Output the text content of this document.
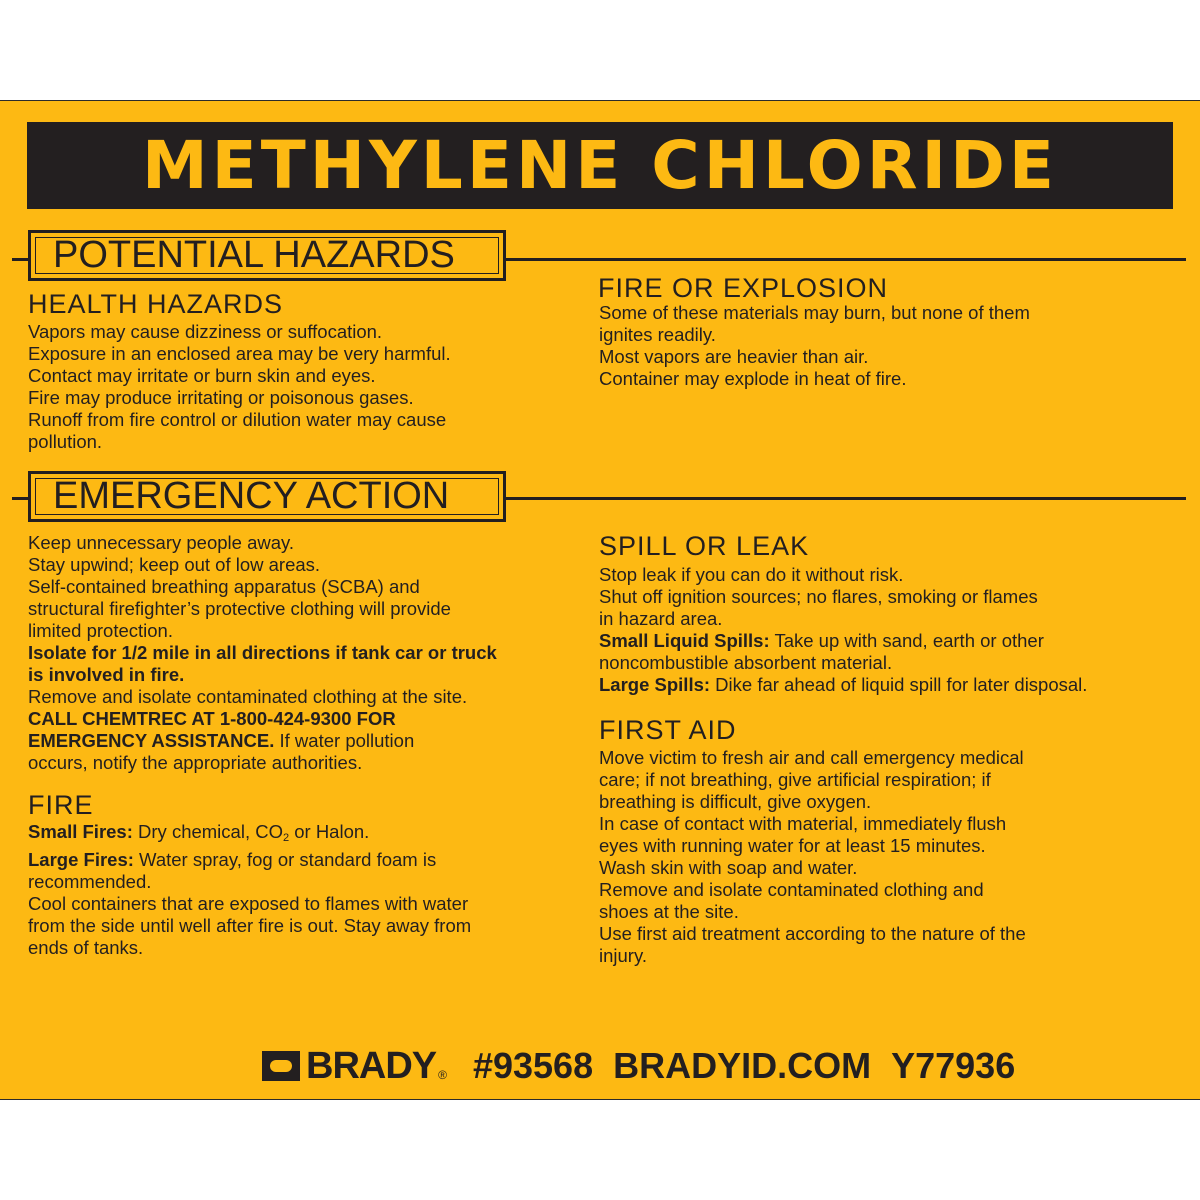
METHYLENE CHLORIDE
POTENTIAL HAZARDS
HEALTH HAZARDS

Vapors may cause dizziness or suffocation.

Exposure in an enclosed area may be very harmful.

Contact may irritate or burn skin and eyes.

Fire may produce irritating or poisonous gases.

Runoff from fire control or dilution water may cause

pollution.

FIRE OR EXPLOSION

Some of these materials may burn, but none of them

ignites readily.

Most vapors are heavier than air.

Container may explode in heat of fire.

EMERGENCY ACTION

Keep unnecessary people away.

Stay upwind; keep out of low areas.

Self-contained breathing apparatus (SCBA) and

structural firefighter’s protective clothing will provide

limited protection.

Isolate for 1/2 mile in all directions if tank car or truck

is involved in fire.

Remove and isolate contaminated clothing at the site.

CALL CHEMTREC AT 1-800-424-9300 FOR

EMERGENCY ASSISTANCE. If water pollution

occurs, notify the appropriate authorities.

FIRE

Small Fires: Dry chemical, $CO_2$ or Halon.

Large Fires: Water spray, fog or standard foam is

recommended.

Cool containers that are exposed to flames with water

from the side until well after fire is out. Stay away from

ends of tanks.

SPILL OR LEAK

Stop leak if you can do it without risk.

Shut off ignition sources; no flares, smoking or flames

in hazard area.

Small Liquid Spills: Take up with sand, earth or other

noncombustible absorbent material.

Large Spills: Dike far ahead of liquid spill for later disposal.

FIRST AID

Move victim to fresh air and call emergency medical

care; if not breathing, give artificial respiration; if

breathing is difficult, give oxygen.

In case of contact with material, immediately flush

eyes with running water for at least 15 minutes.

Wash skin with soap and water.

Remove and isolate contaminated clothing and

shoes at the site.

Use first aid treatment according to the nature of the

injury.

BRADY ® #93568 BRADYID.COM Y77936
